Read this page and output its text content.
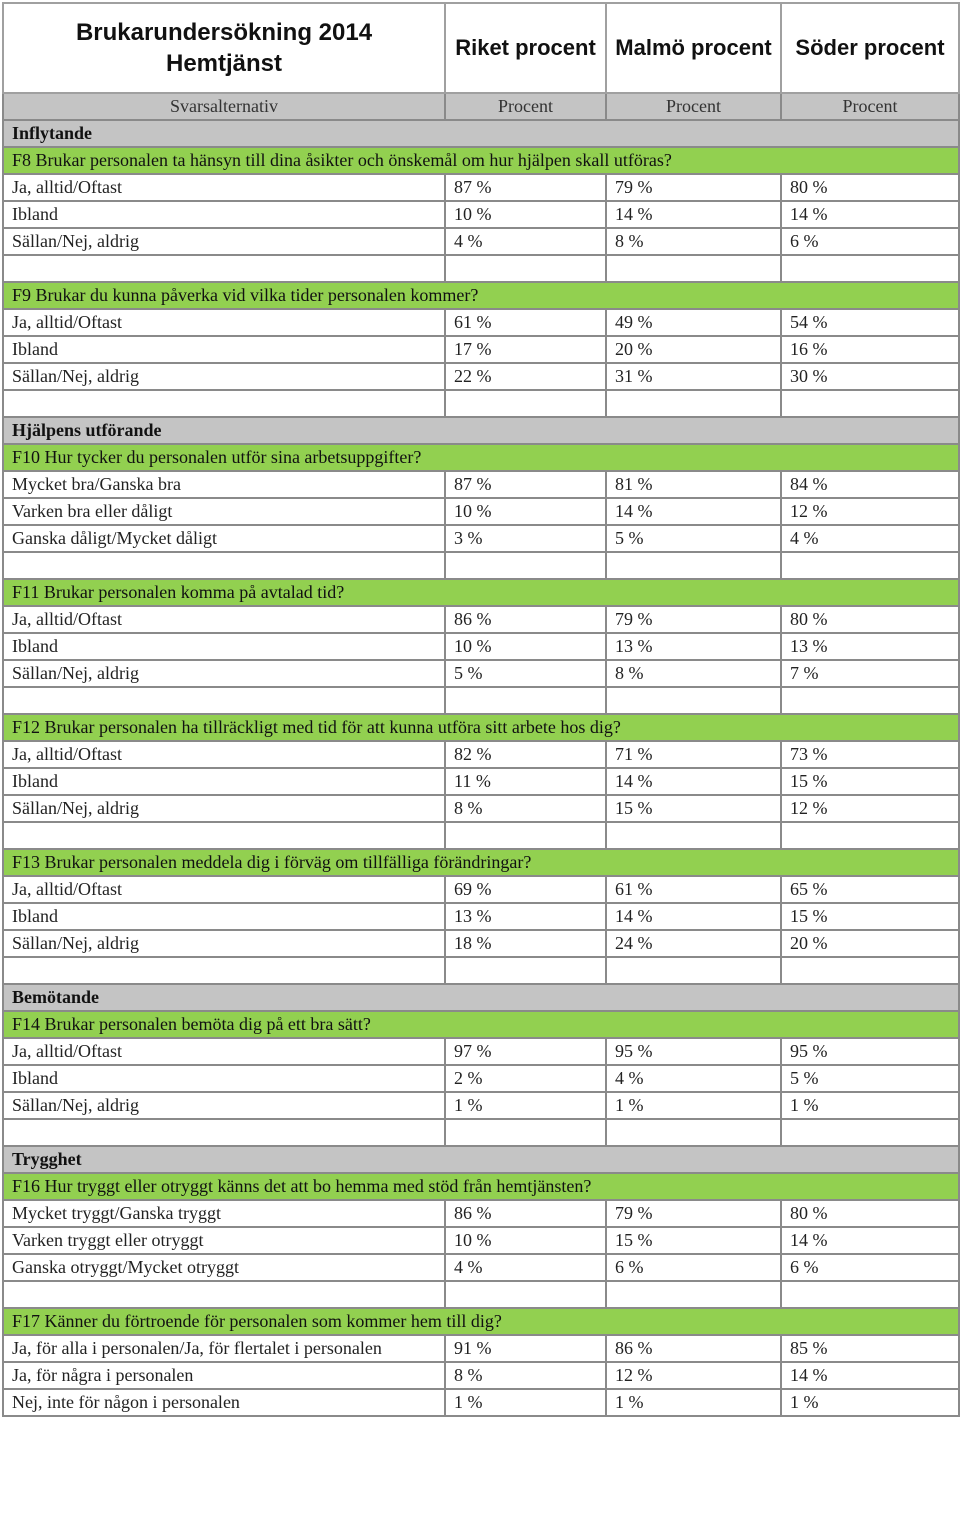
Brukarundersökning 2014
Hemtjänst	Riket procent	Malmö procent	Söder procent
Svarsalternativ	Procent	Procent	Procent
Inflytande			
F8 Brukar personalen ta hänsyn till dina åsikter och önskemål om hur hjälpen skall utföras?			
Ja, alltid/Oftast	87 %	79 %	80 %
Ibland	10 %	14 %	14 %
Sällan/Nej, aldrig	4 %	8 %	6 %

F9 Brukar du kunna påverka vid vilka tider personalen kommer?			
Ja, alltid/Oftast	61 %	49 %	54 %
Ibland	17 %	20 %	16 %
Sällan/Nej, aldrig	22 %	31 %	30 %

Hjälpens utförande			
F10 Hur tycker du personalen utför sina arbetsuppgifter?			
Mycket bra/Ganska bra	87 %	81 %	84 %
Varken bra eller dåligt	10 %	14 %	12 %
Ganska dåligt/Mycket dåligt	3 %	5 %	4 %

F11 Brukar personalen komma på avtalad tid?			
Ja, alltid/Oftast	86 %	79 %	80 %
Ibland	10 %	13 %	13 %
Sällan/Nej, aldrig	5 %	8 %	7 %

F12 Brukar personalen ha tillräckligt med tid för att kunna utföra sitt arbete hos dig?			
Ja, alltid/Oftast	82 %	71 %	73 %
Ibland	11 %	14 %	15 %
Sällan/Nej, aldrig	8 %	15 %	12 %

F13 Brukar personalen meddela dig i förväg om tillfälliga förändringar?			
Ja, alltid/Oftast	69 %	61 %	65 %
Ibland	13 %	14 %	15 %
Sällan/Nej, aldrig	18 %	24 %	20 %

Bemötande			
F14 Brukar personalen bemöta dig på ett bra sätt?			
Ja, alltid/Oftast	97 %	95 %	95 %
Ibland	2 %	4 %	5 %
Sällan/Nej, aldrig	1 %	1 %	1 %

Trygghet			
F16 Hur tryggt eller otryggt känns det att bo hemma med stöd från hemtjänsten?			
Mycket tryggt/Ganska tryggt	86 %	79 %	80 %
Varken tryggt eller otryggt	10 %	15 %	14 %
Ganska otryggt/Mycket otryggt	4 %	6 %	6 %

F17 Känner du förtroende för personalen som kommer hem till dig?			
Ja, för alla i personalen/Ja, för flertalet i personalen	91 %	86 %	85 %
Ja, för några i personalen	8 %	12 %	14 %
Nej, inte för någon i personalen	1 %	1 %	1 %
